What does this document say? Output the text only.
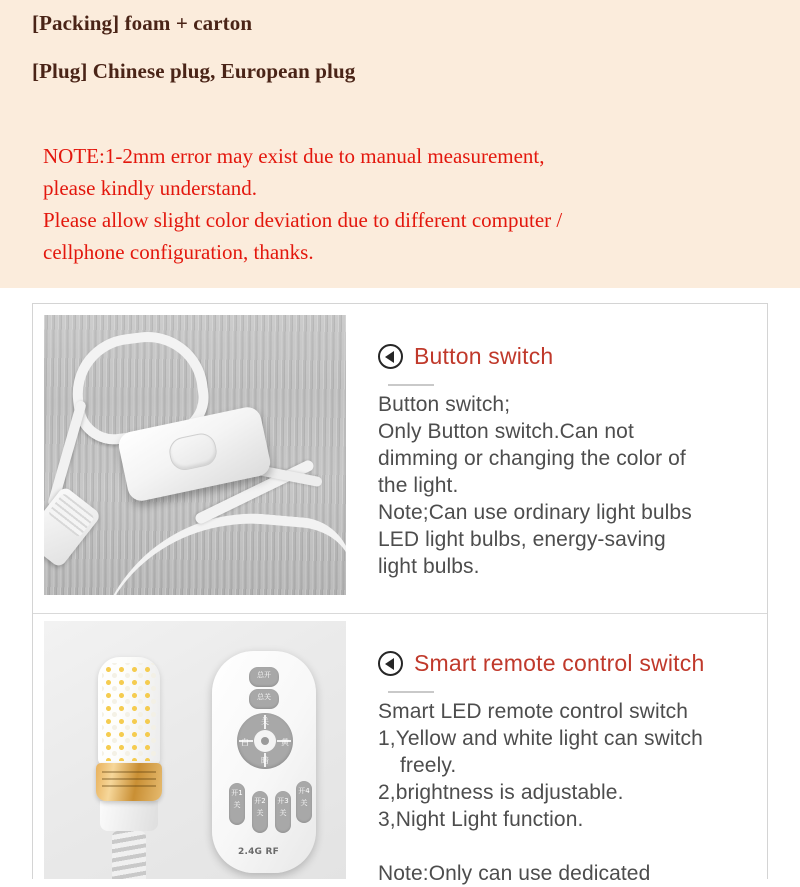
[Packing] foam + carton
[Plug] Chinese plug, European plug
NOTE:1-2mm error may exist due to manual measurement,
please kindly understand.
Please allow slight color deviation due to different computer /
cellphone configuration, thanks.
Button switch
Button switch;
Only Button switch.Can not
dimming or changing the color of
the light.
Note;Can use ordinary light bulbs
LED light bulbs, energy-saving
light bulbs.
总开
总关
关
暗
白	黄
开1关	开2关
开3关
开4关
2.4G RF
Smart remote control switch
Smart LED remote control switch
1,Yellow and white light can switch
freely.
2,brightness is adjustable.
3,Night Light function.
Note:Only can use dedicated
